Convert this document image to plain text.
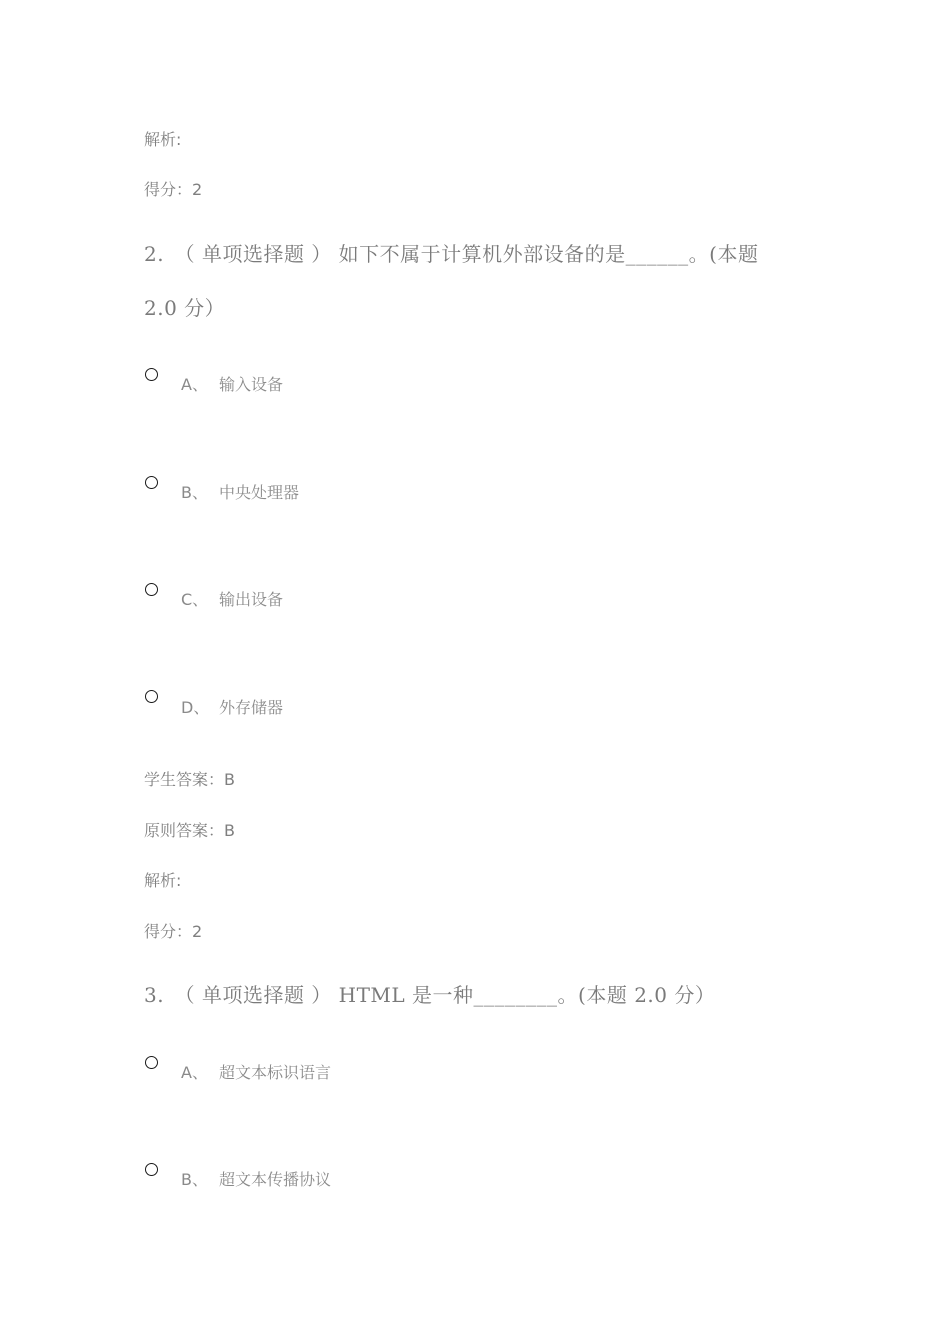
解析:
得分：2
2.　（ 单项选择题 ） 如下不属于计算机外部设备的是______。(本题
2.0 分）
A、 输入设备
B、 中央处理器
C、 输出设备
D、 外存储器
学生答案：B
原则答案：B
解析:
得分：2
3.　（ 单项选择题 ） HTML 是一种________。(本题 2.0 分）
A、 超文本标识语言
B、 超文本传播协议
